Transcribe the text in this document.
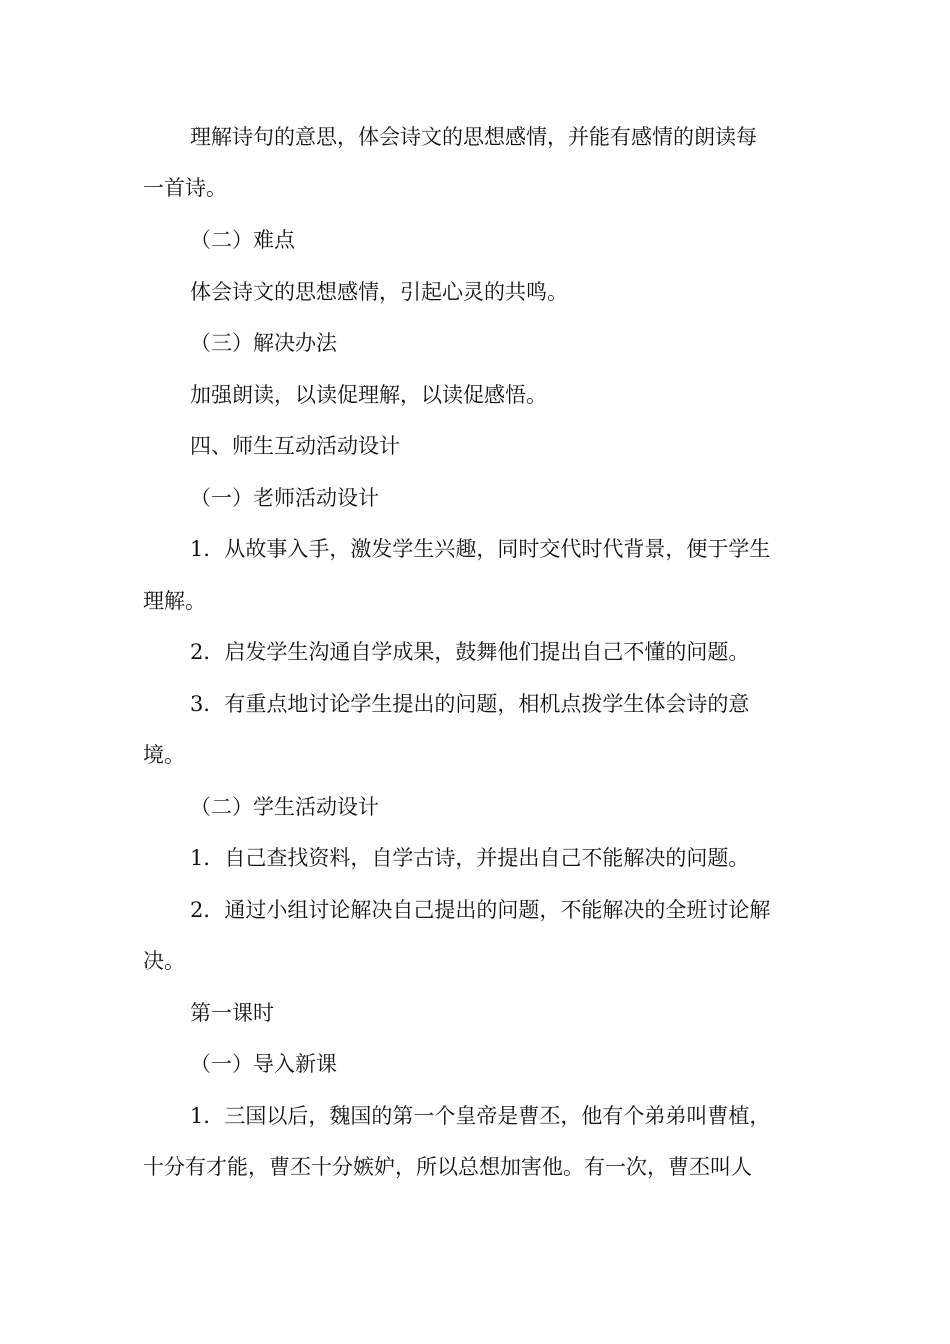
理解诗句的意思，体会诗文的思想感情，并能有感情的朗读每
一首诗。
（二）难点
体会诗文的思想感情，引起心灵的共鸣。
（三）解决办法
加强朗读，以读促理解，以读促感悟。
四、师生互动活动设计
（一）老师活动设计
1．从故事入手，激发学生兴趣，同时交代时代背景，便于学生
理解。
2．启发学生沟通自学成果，鼓舞他们提出自己不懂的问题。
3．有重点地讨论学生提出的问题，相机点拨学生体会诗的意
境。
（二）学生活动设计
1．自己查找资料，自学古诗，并提出自己不能解决的问题。
2．通过小组讨论解决自己提出的问题，不能解决的全班讨论解
决。
第一课时
（一）导入新课
1．三国以后，魏国的第一个皇帝是曹丕，他有个弟弟叫曹植，
十分有才能，曹丕十分嫉妒，所以总想加害他。有一次，曹丕叫人
